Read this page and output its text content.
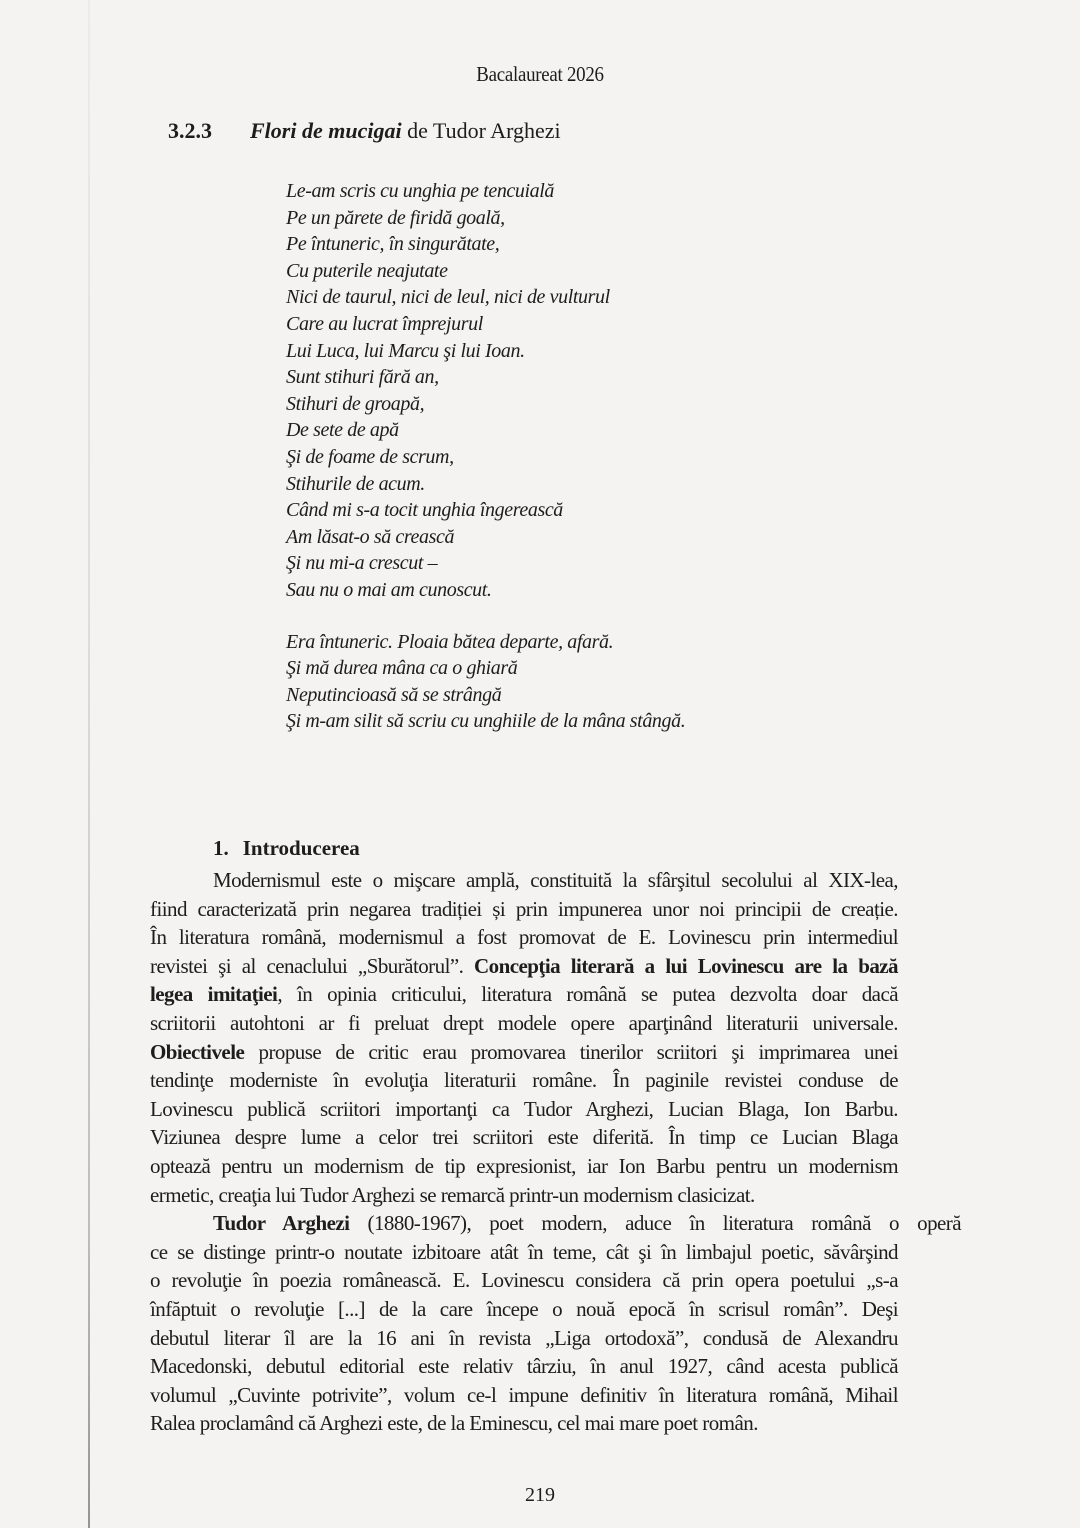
Bacalaureat 2026
3.2.3 Flori de mucigai de Tudor Arghezi
Le-am scris cu unghia pe tencuială
Pe un părete de firidă goală,
Pe întuneric, în singurătate,
Cu puterile neajutate
Nici de taurul, nici de leul, nici de vulturul
Care au lucrat împrejurul
Lui Luca, lui Marcu şi lui Ioan.
Sunt stihuri fără an,
Stihuri de groapă,
De sete de apă
Şi de foame de scrum,
Stihurile de acum.
Când mi s-a tocit unghia îngerească
Am lăsat-o să crească
Şi nu mi-a crescut –
Sau nu o mai am cunoscut.
Era întuneric. Ploaia bătea departe, afară.
Şi mă durea mâna ca o ghiară
Neputincioasă să se strângă
Şi m-am silit să scriu cu unghiile de la mâna stângă.
1. Introducerea
Modernismul este o mişcare amplă, constituită la sfârşitul secolului al XIX-lea,
fiind caracterizată prin negarea tradiției și prin impunerea unor noi principii de creație.
În literatura română, modernismul a fost promovat de E. Lovinescu prin intermediul
revistei şi al cenaclului „Sburătorul”. Concepţia literară a lui Lovinescu are la bază
legea imitaţiei, în opinia criticului, literatura română se putea dezvolta doar dacă
scriitorii autohtoni ar fi preluat drept modele opere aparţinând literaturii universale.
Obiectivele propuse de critic erau promovarea tinerilor scriitori şi imprimarea unei
tendinţe moderniste în evoluţia literaturii române. În paginile revistei conduse de
Lovinescu publică scriitori importanţi ca Tudor Arghezi, Lucian Blaga, Ion Barbu.
Viziunea despre lume a celor trei scriitori este diferită. În timp ce Lucian Blaga
optează pentru un modernism de tip expresionist, iar Ion Barbu pentru un modernism
ermetic, creaţia lui Tudor Arghezi se remarcă printr-un modernism clasicizat.
Tudor Arghezi (1880-1967), poet modern, aduce în literatura română o operă
ce se distinge printr-o noutate izbitoare atât în teme, cât şi în limbajul poetic, săvârşind
o revoluţie în poezia românească. E. Lovinescu considera că prin opera poetului „s-a
înfăptuit o revoluţie [...] de la care începe o nouă epocă în scrisul român”. Deşi
debutul literar îl are la 16 ani în revista „Liga ortodoxă”, condusă de Alexandru
Macedonski, debutul editorial este relativ târziu, în anul 1927, când acesta publică
volumul „Cuvinte potrivite”, volum ce-l impune definitiv în literatura română, Mihail
Ralea proclamând că Arghezi este, de la Eminescu, cel mai mare poet român.
219
